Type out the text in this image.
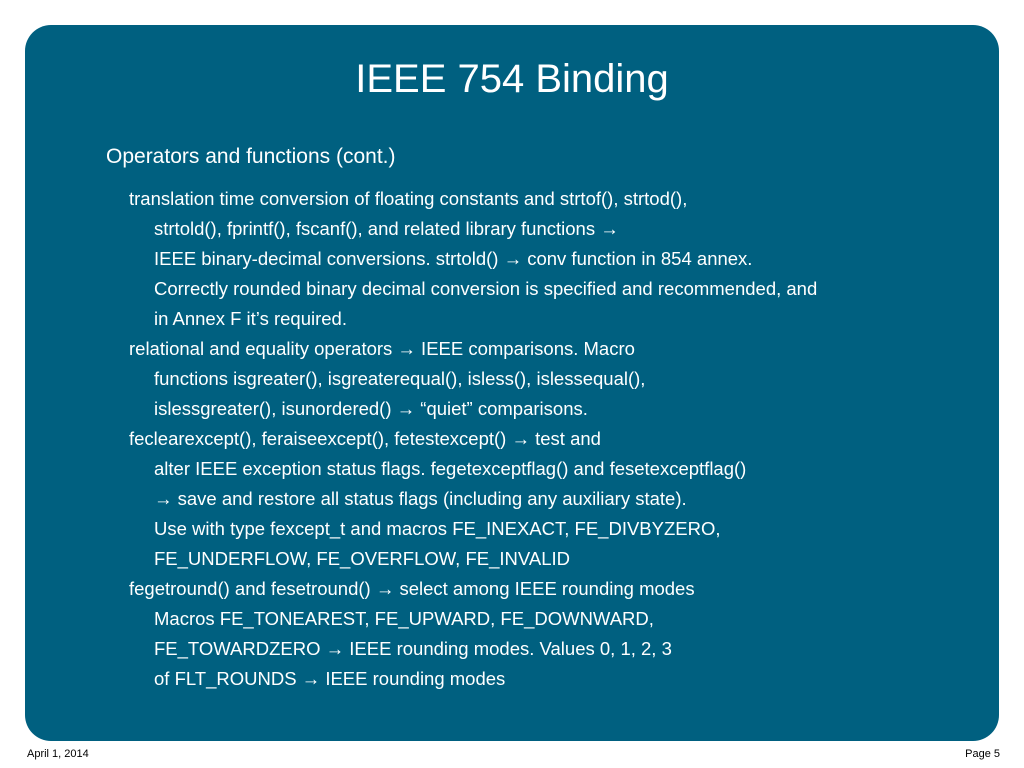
IEEE 754 Binding
Operators and functions (cont.)
translation time conversion of floating constants and strtof(), strtod(),
strtold(), fprintf(), fscanf(), and related library functions →
IEEE binary-decimal conversions. strtold() → conv function in 854 annex.
Correctly rounded binary decimal conversion is specified and recommended, and
in Annex F it’s required.
relational and equality operators → IEEE comparisons. Macro
functions isgreater(), isgreaterequal(), isless(), islessequal(),
islessgreater(), isunordered() → “quiet” comparisons.
feclearexcept(), feraiseexcept(), fetestexcept() → test and
alter IEEE exception status flags. fegetexceptflag() and fesetexceptflag()
→ save and restore all status flags (including any auxiliary state).
Use with type fexcept_t and macros FE_INEXACT, FE_DIVBYZERO,
FE_UNDERFLOW, FE_OVERFLOW, FE_INVALID
fegetround() and fesetround() → select among IEEE rounding modes
Macros FE_TONEAREST, FE_UPWARD, FE_DOWNWARD,
FE_TOWARDZERO → IEEE rounding modes. Values 0, 1, 2, 3
of FLT_ROUNDS → IEEE rounding modes
April 1, 2014	Page 5
